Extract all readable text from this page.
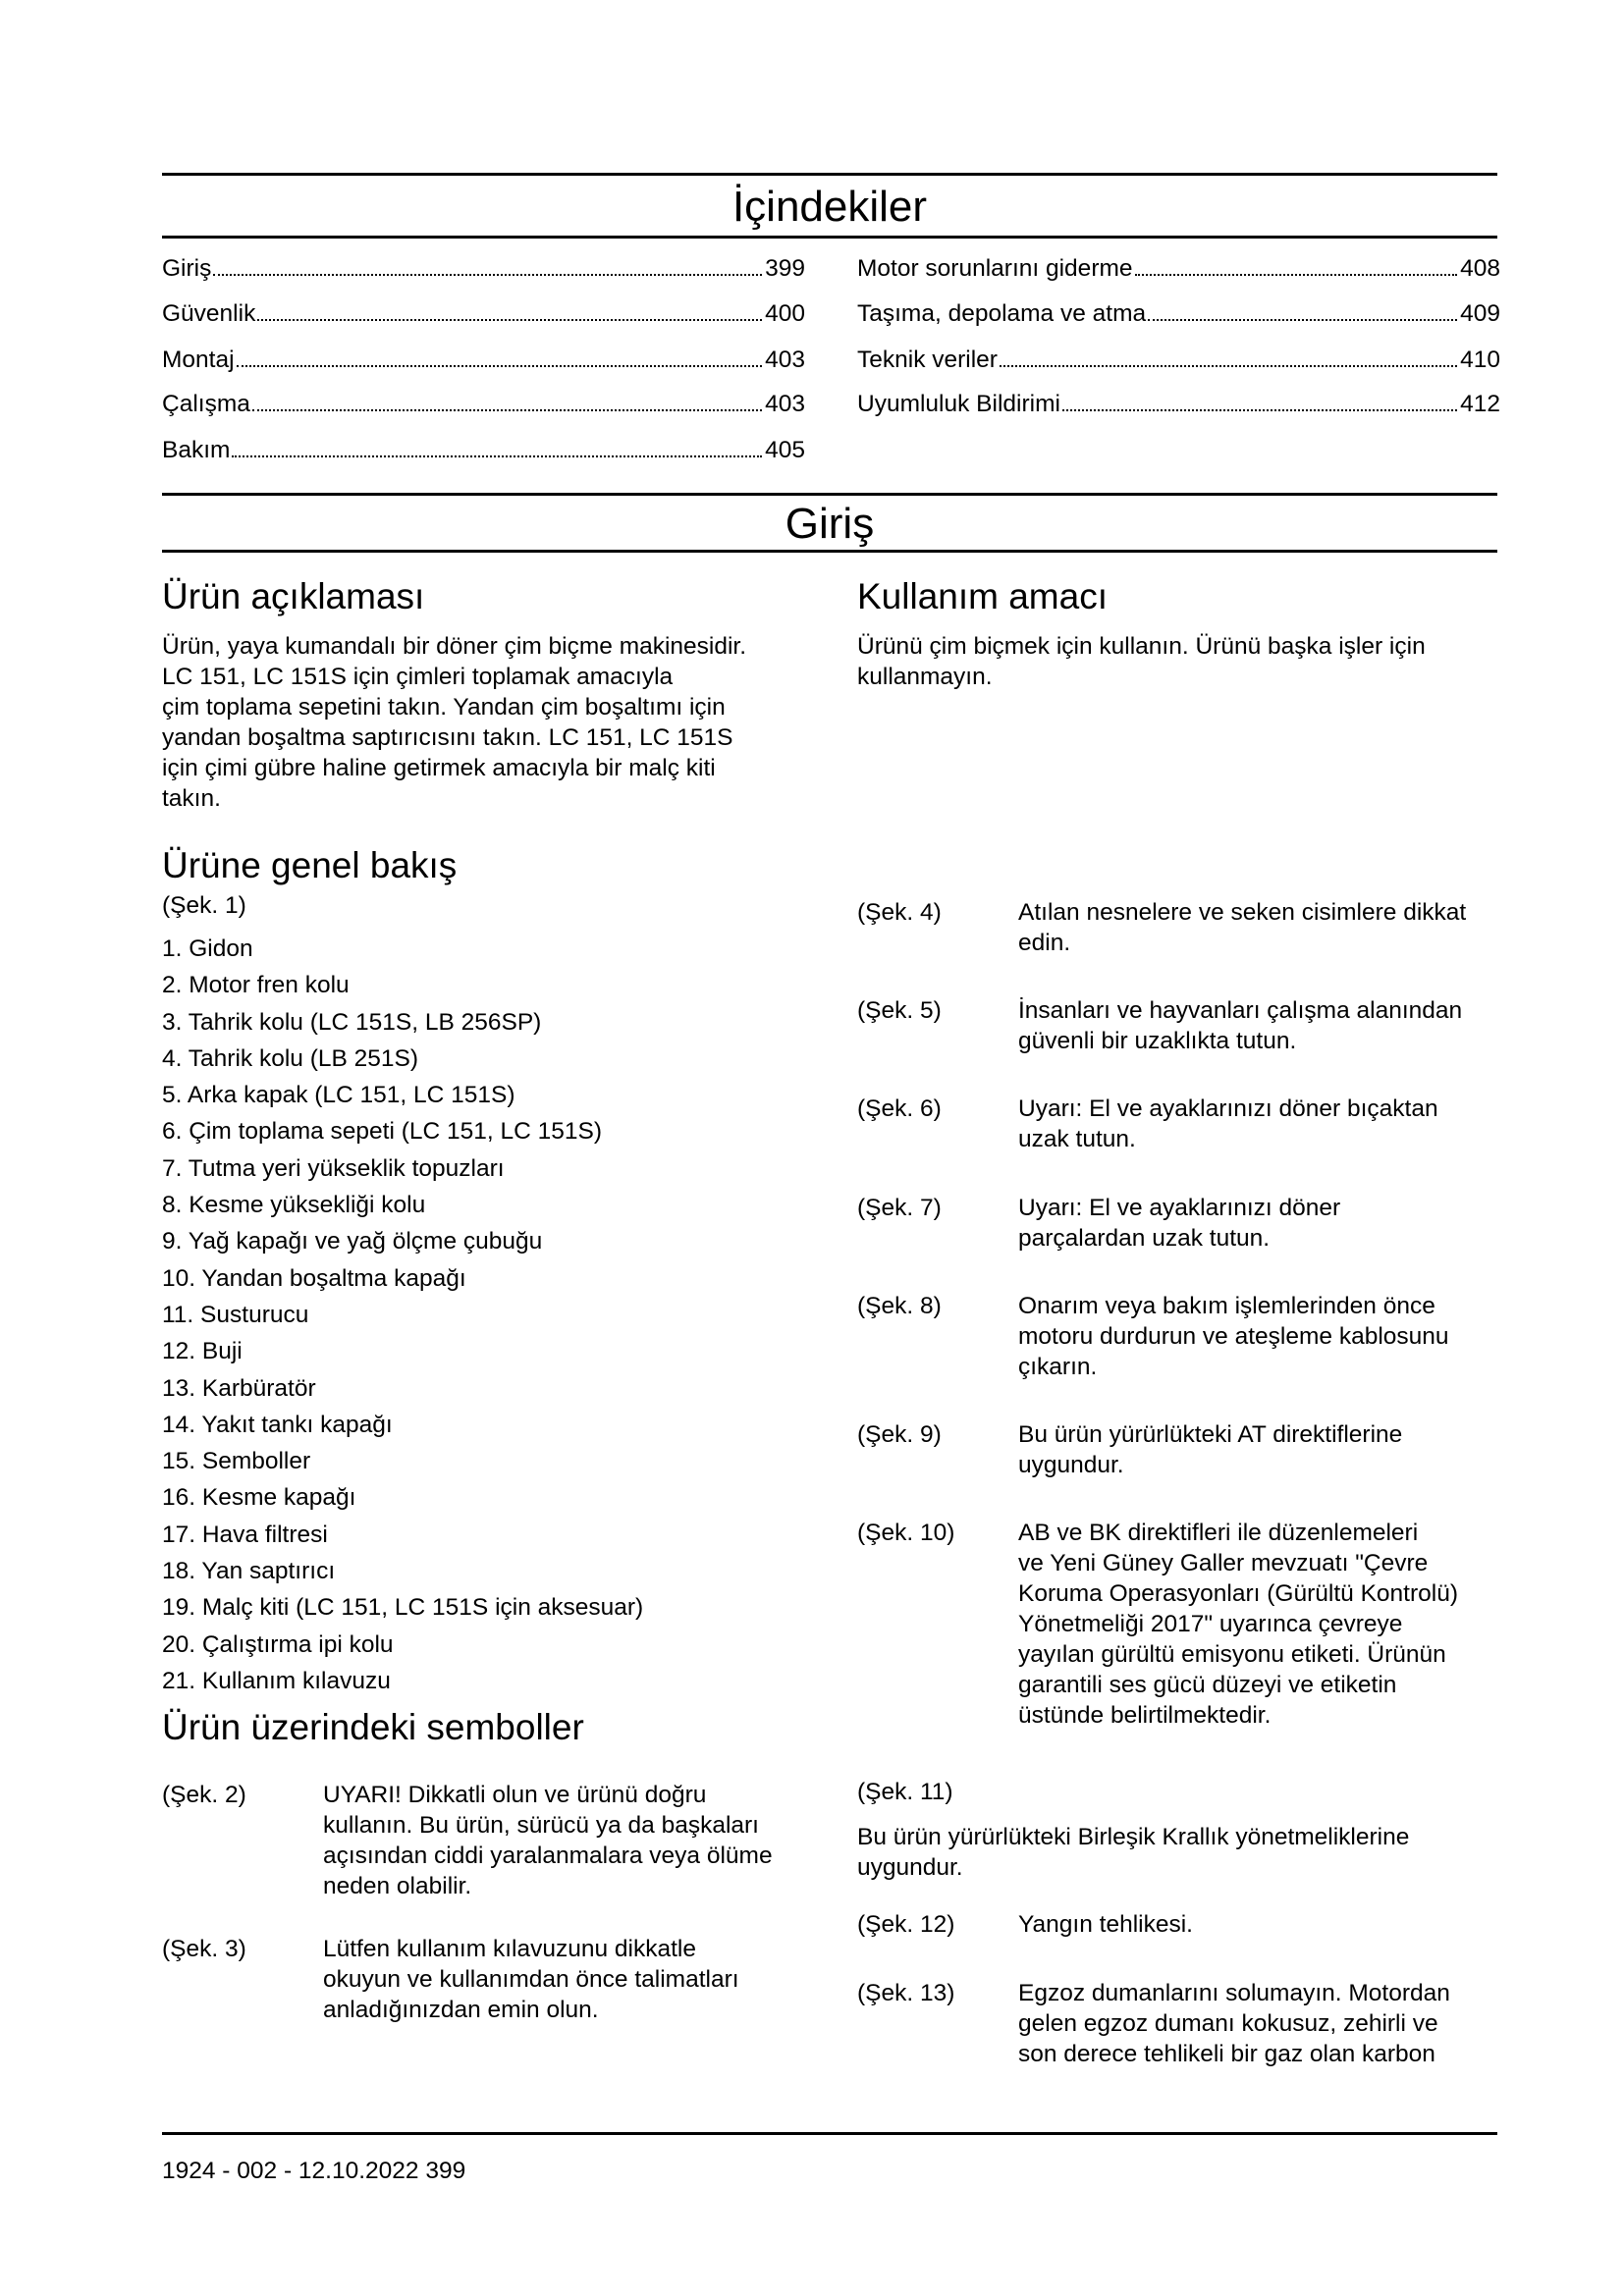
İçindekiler
Giriş	399
Güvenlik	400
Montaj	403
Çalışma	403
Bakım	405
Motor sorunlarını giderme	408
Taşıma, depolama ve atma	409
Teknik veriler	410
Uyumluluk Bildirimi	412
Giriş
Ürün açıklaması
Ürün, yaya kumandalı bir döner çim biçme makinesidir.
LC 151, LC 151S için çimleri toplamak amacıyla
çim toplama sepetini takın. Yandan çim boşaltımı için
yandan boşaltma saptırıcısını takın. LC 151, LC 151S
için çimi gübre haline getirmek amacıyla bir malç kiti
takın.
Kullanım amacı
Ürünü çim biçmek için kullanın. Ürünü başka işler için
kullanmayın.
Ürüne genel bakış
(Şek. 1)
1. Gidon
2. Motor fren kolu
3. Tahrik kolu (LC 151S, LB 256SP)
4. Tahrik kolu (LB 251S)
5. Arka kapak (LC 151, LC 151S)
6. Çim toplama sepeti (LC 151, LC 151S)
7. Tutma yeri yükseklik topuzları
8. Kesme yüksekliği kolu
9. Yağ kapağı ve yağ ölçme çubuğu
10. Yandan boşaltma kapağı
11. Susturucu
12. Buji
13. Karbüratör
14. Yakıt tankı kapağı
15. Semboller
16. Kesme kapağı
17. Hava filtresi
18. Yan saptırıcı
19. Malç kiti (LC 151, LC 151S için aksesuar)
20. Çalıştırma ipi kolu
21. Kullanım kılavuzu
Ürün üzerindeki semboller
(Şek. 2)	UYARI! Dikkatli olun ve ürünü doğru
kullanın. Bu ürün, sürücü ya da başkaları
açısından ciddi yaralanmalara veya ölüme
neden olabilir.
(Şek. 3)	Lütfen kullanım kılavuzunu dikkatle
okuyun ve kullanımdan önce talimatları
anladığınızdan emin olun.
(Şek. 4)	Atılan nesnelere ve seken cisimlere dikkat
edin.
(Şek. 5)	İnsanları ve hayvanları çalışma alanından
güvenli bir uzaklıkta tutun.
(Şek. 6)	Uyarı: El ve ayaklarınızı döner bıçaktan
uzak tutun.
(Şek. 7)	Uyarı: El ve ayaklarınızı döner
parçalardan uzak tutun.
(Şek. 8)	Onarım veya bakım işlemlerinden önce
motoru durdurun ve ateşleme kablosunu
çıkarın.
(Şek. 9)	Bu ürün yürürlükteki AT direktiflerine
uygundur.
(Şek. 10)	AB ve BK direktifleri ile düzenlemeleri
ve Yeni Güney Galler mevzuatı "Çevre
Koruma Operasyonları (Gürültü Kontrolü)
Yönetmeliği 2017" uyarınca çevreye
yayılan gürültü emisyonu etiketi. Ürünün
garantili ses gücü düzeyi ve etiketin
üstünde belirtilmektedir.
(Şek. 11)
Bu ürün yürürlükteki Birleşik Krallık yönetmeliklerine
uygundur.
(Şek. 12)	Yangın tehlikesi.
(Şek. 13)	Egzoz dumanlarını solumayın. Motordan
gelen egzoz dumanı kokusuz, zehirli ve
son derece tehlikeli bir gaz olan karbon
1924 - 002 - 12.10.2022 399
